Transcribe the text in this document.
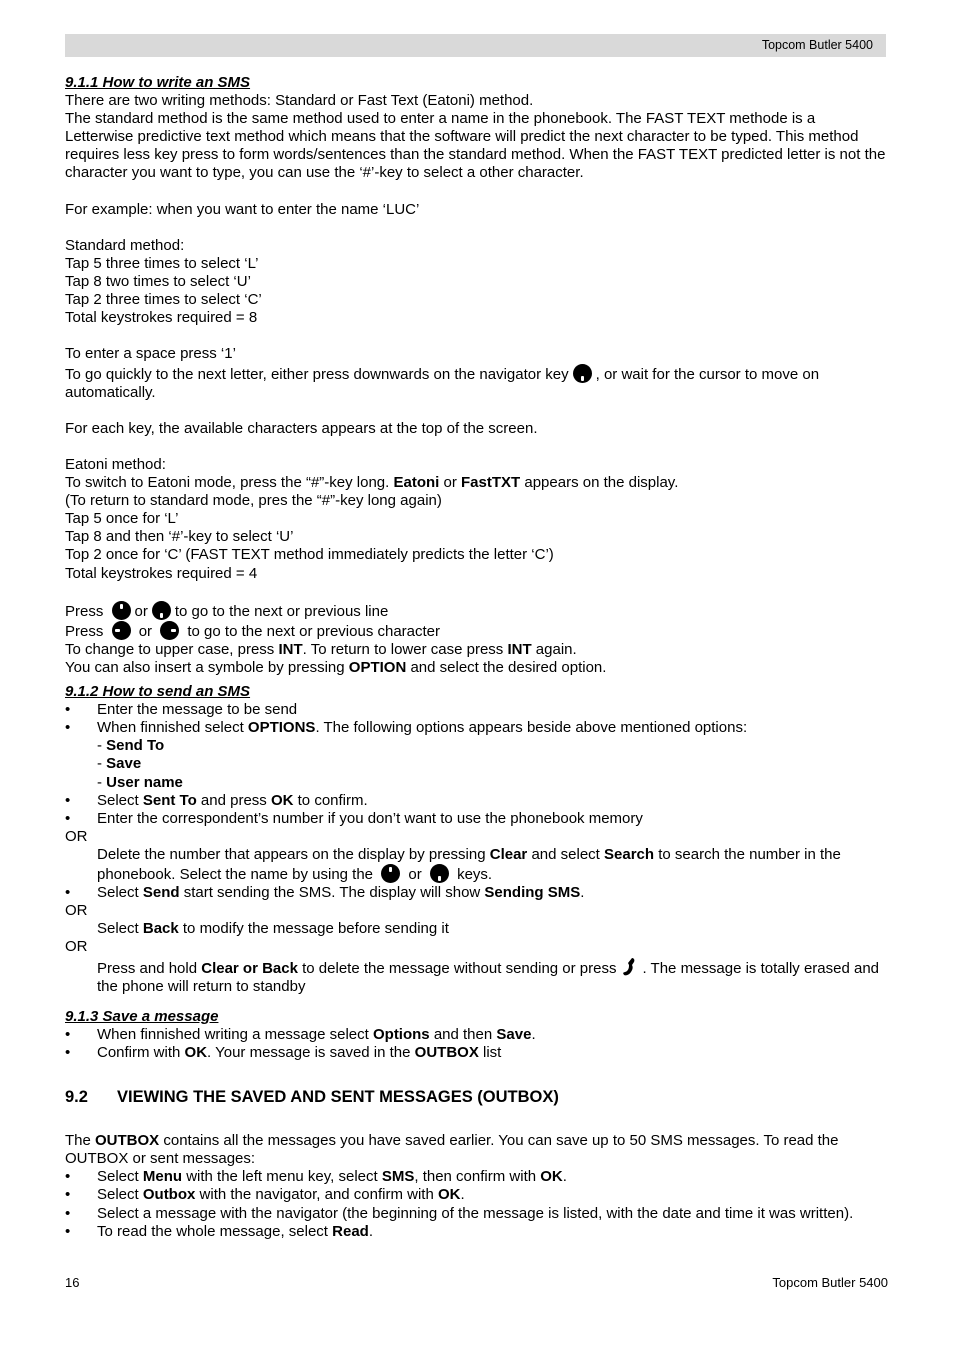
Topcom Butler 5400

9.1.1 How to write an SMS

There are two writing methods: Standard or Fast Text (Eatoni) method.

The standard method is the same method used to enter a name in the phonebook. The FAST TEXT methode is a Letterwise predictive text method which means that the software will predict the next character to be typed. This method requires less key press to form words/sentences than the standard method. When the FAST TEXT predicted letter is not the character you want to type, you can use the ‘#’-key to select a other character.

For example: when you want to enter the name ‘LUC’

Standard method:

Tap 5 three times to select ‘L’

Tap 8 two times to select ‘U’

Tap 2 three times to select ‘C’

Total keystrokes required = 8

To enter a space press ‘1’

To go quickly to the next letter, either press downwards on the navigator key , or wait for the cursor to move on automatically.

For each key, the available characters appears at the top of the screen.

Eatoni method:

To switch to Eatoni mode, press the “#”-key long. Eatoni or FastTXT appears on the display.

(To return to standard mode, pres the “#”-key long again)

Tap 5 once for ‘L’

Tap 8 and then ‘#’-key to select ‘U’

Top 2 once for ‘C’ (FAST TEXT method immediately predicts the letter ‘C’)

Total keystrokes required = 4

Press or to go to the next or previous line

Press or to go to the next or previous character

To change to upper case, press INT. To return to lower case press INT again.

You can also insert a symbole by pressing OPTION and select the desired option.

9.1.2 How to send an SMS

• Enter the message to be send

• When finnished select OPTIONS. The following options appears beside above mentioned options:

- Send To

- Save

- User name

• Select Sent To and press OK to confirm.

• Enter the correspondent’s number if you don’t want to use the phonebook memory

OR

Delete the number that appears on the display by pressing Clear and select Search to search the number in the phonebook. Select the name by using the or keys.

• Select Send start sending the SMS. The display will show Sending SMS.

OR

Select Back to modify the message before sending it

OR

Press and hold Clear or Back to delete the message without sending or press . The message is totally erased and the phone will return to standby

9.1.3 Save a message

• When finnished writing a message select Options and then Save.

• Confirm with OK. Your message is saved in the OUTBOX list

9.2 VIEWING THE SAVED AND SENT MESSAGES (OUTBOX)

The OUTBOX contains all the messages you have saved earlier. You can save up to 50 SMS messages. To read the OUTBOX or sent messages:

• Select Menu with the left menu key, select SMS, then confirm with OK.

• Select Outbox with the navigator, and confirm with OK.

• Select a message with the navigator (the beginning of the message is listed, with the date and time it was written).

• To read the whole message, select Read.

16	Topcom Butler 5400
